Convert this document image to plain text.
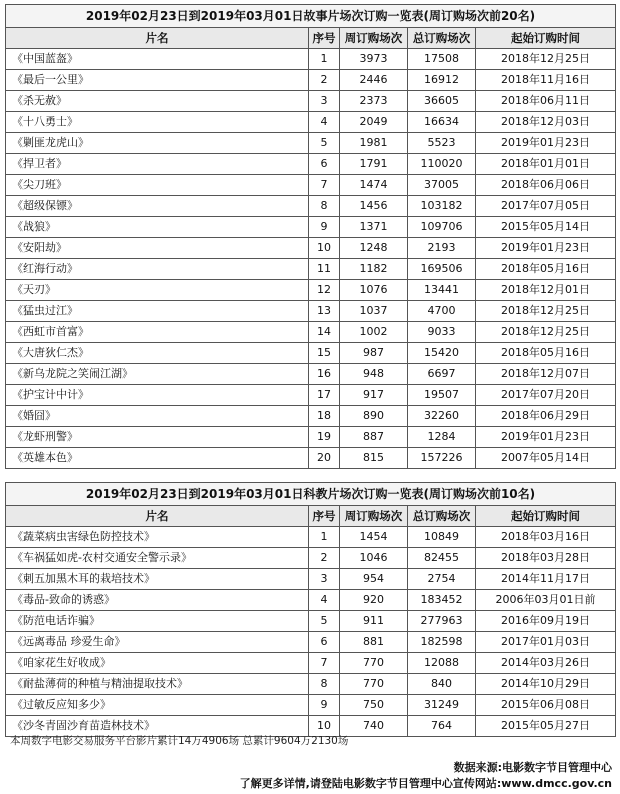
2019年02月23日到2019年03月01日故事片场次订购一览表(周订购场次前20名)				
片名	序号	周订购场次	总订购场次	起始订购时间
《中国蓝盔》	1	3973	17508	2018年12月25日
《最后一公里》	2	2446	16912	2018年11月16日
《杀无赦》	3	2373	36605	2018年06月11日
《十八勇士》	4	2049	16634	2018年12月03日
《剿匪龙虎山》	5	1981	5523	2019年01月23日
《捍卫者》	6	1791	110020	2018年01月01日
《尖刀班》	7	1474	37005	2018年06月06日
《超级保镖》	8	1456	103182	2017年07月05日
《战狼》	9	1371	109706	2015年05月14日
《安阳劫》	10	1248	2193	2019年01月23日
《红海行动》	11	1182	169506	2018年05月16日
《天刃》	12	1076	13441	2018年12月01日
《猛虫过江》	13	1037	4700	2018年12月25日
《西虹市首富》	14	1002	9033	2018年12月25日
《大唐狄仁杰》	15	987	15420	2018年05月16日
《新乌龙院之笑闹江湖》	16	948	6697	2018年12月07日
《护宝计中计》	17	917	19507	2017年07月20日
《婚囧》	18	890	32260	2018年06月29日
《龙虾刑警》	19	887	1284	2019年01月23日
《英雄本色》	20	815	157226	2007年05月14日
2019年02月23日到2019年03月01日科教片场次订购一览表(周订购场次前10名)				
片名	序号	周订购场次	总订购场次	起始订购时间
《蔬菜病虫害绿色防控技术》	1	1454	10849	2018年03月16日
《车祸猛如虎-农村交通安全警示录》	2	1046	82455	2018年03月28日
《刺五加黑木耳的栽培技术》	3	954	2754	2014年11月17日
《毒品-致命的诱惑》	4	920	183452	2006年03月01日前
《防范电话诈骗》	5	911	277963	2016年09月19日
《远离毒品 珍爱生命》	6	881	182598	2017年01月03日
《咱家花生好收成》	7	770	12088	2014年03月26日
《耐盐薄荷的种植与精油提取技术》	8	770	840	2014年10月29日
《过敏反应知多少》	9	750	31249	2015年06月08日
《沙冬青固沙育苗造林技术》	10	740	764	2015年05月27日
本周数字电影交易服务平台影片累计14万4906场 总累计9604万2130场
数据来源:电影数字节目管理中心
了解更多详情,请登陆电影数字节目管理中心宣传网站:www.dmcc.gov.cn
